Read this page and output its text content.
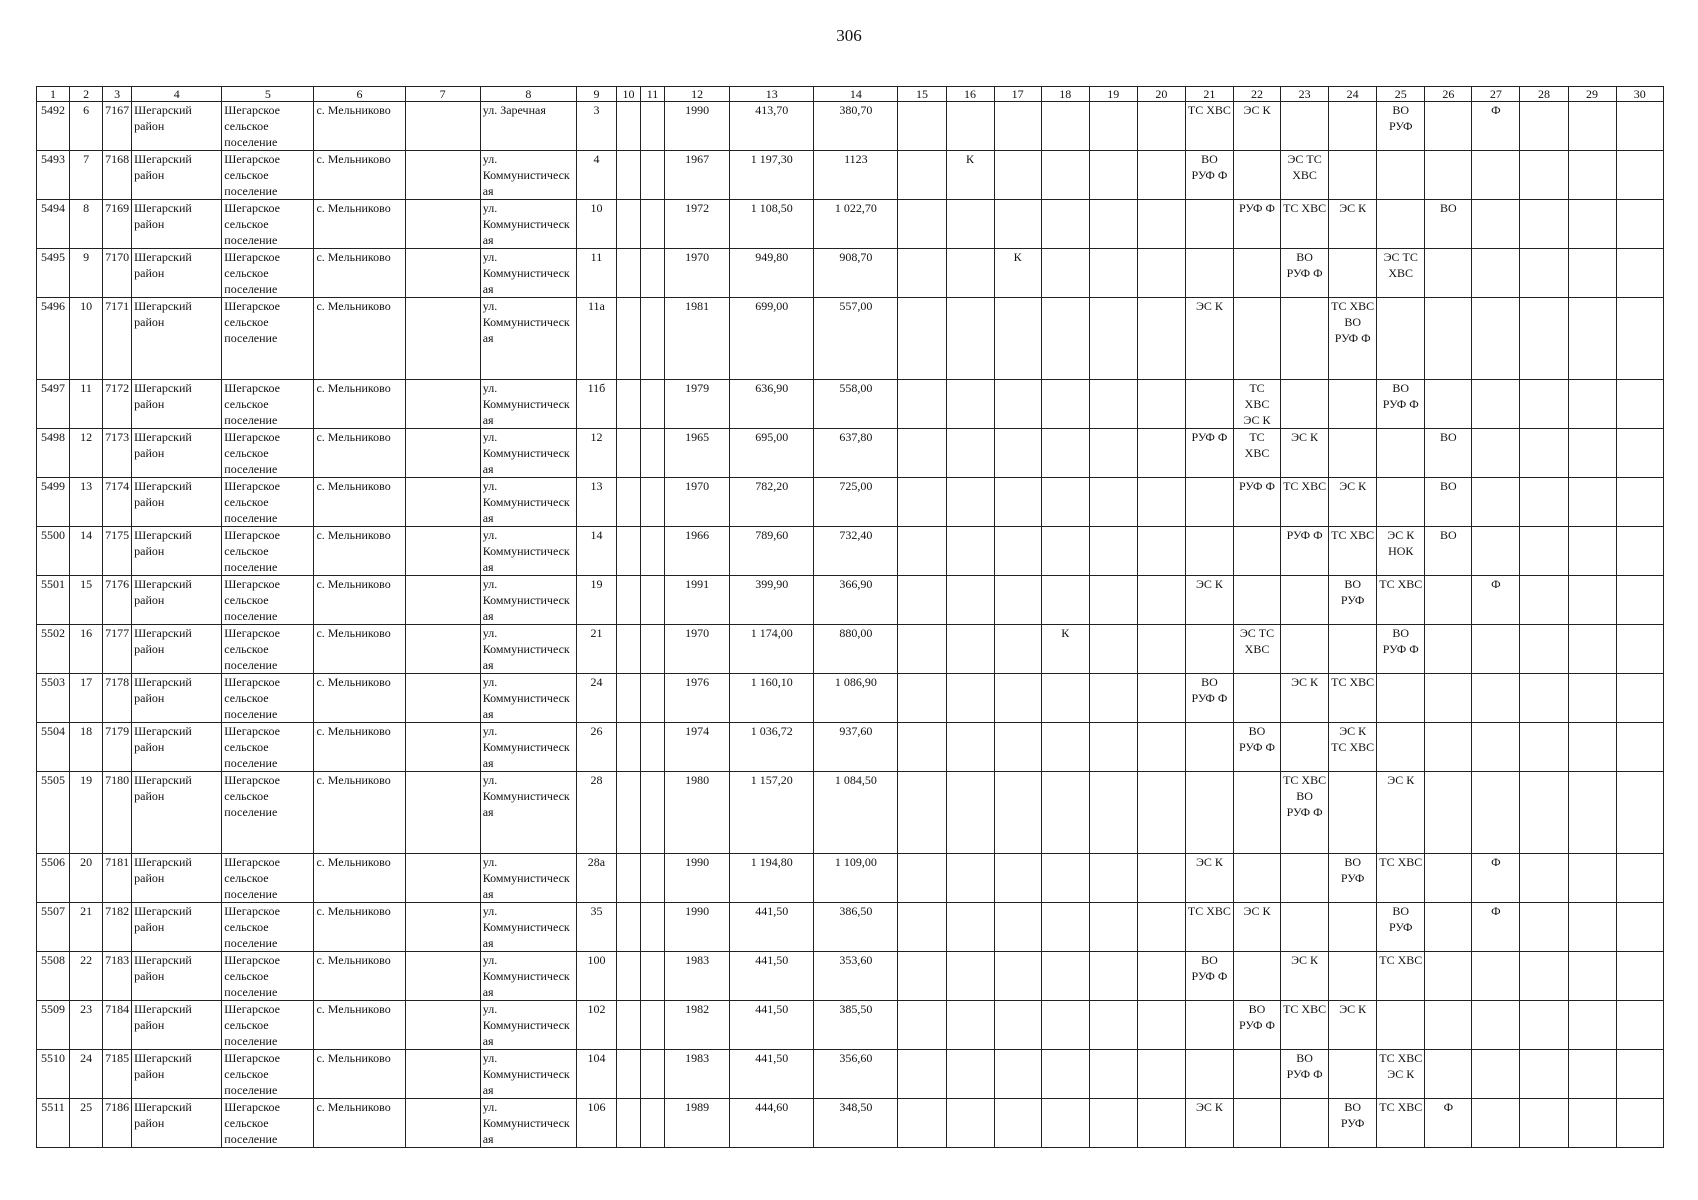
306
1	2	3	4	5	6	7	8	9	10	11	12	13	14	15	16	17	18	19	20	21	22	23	24	25	26	27	28	29	30
5492	6	7167	Шегарский район	Шегарское сельское поселение	с. Мельниково		ул. Заречная	3			1990	413,70	380,70							ТС ХВС	ЭС К			ВО РУФ		Ф			
5493	7	7168	Шегарский район	Шегарское сельское поселение	с. Мельниково		ул. Коммунистическая	4			1967	1 197,30	1123		К					ВО РУФ Ф		ЭС ТС ХВС							
5494	8	7169	Шегарский район	Шегарское сельское поселение	с. Мельниково		ул. Коммунистическая	10			1972	1 108,50	1 022,70								РУФ Ф	ТС ХВС	ЭС К		ВО				
5495	9	7170	Шегарский район	Шегарское сельское поселение	с. Мельниково		ул. Коммунистическая	11			1970	949,80	908,70			К						ВО РУФ Ф		ЭС ТС ХВС					
5496	10	7171	Шегарский район	Шегарское сельское поселение	с. Мельниково		ул. Коммунистическая	11а			1981	699,00	557,00							ЭС К			ТС ХВС ВО РУФ Ф						
5497	11	7172	Шегарский район	Шегарское сельское поселение	с. Мельниково		ул. Коммунистическая	11б			1979	636,90	558,00								ТС ХВС ЭС К			ВО РУФ Ф					
5498	12	7173	Шегарский район	Шегарское сельское поселение	с. Мельниково		ул. Коммунистическая	12			1965	695,00	637,80							РУФ Ф	ТС ХВС	ЭС К			ВО				
5499	13	7174	Шегарский район	Шегарское сельское поселение	с. Мельниково		ул. Коммунистическая	13			1970	782,20	725,00								РУФ Ф	ТС ХВС	ЭС К		ВО				
5500	14	7175	Шегарский район	Шегарское сельское поселение	с. Мельниково		ул. Коммунистическая	14			1966	789,60	732,40									РУФ Ф	ТС ХВС	ЭС К НОК	ВО				
5501	15	7176	Шегарский район	Шегарское сельское поселение	с. Мельниково		ул. Коммунистическая	19			1991	399,90	366,90							ЭС К			ВО РУФ	ТС ХВС		Ф			
5502	16	7177	Шегарский район	Шегарское сельское поселение	с. Мельниково		ул. Коммунистическая	21			1970	1 174,00	880,00				К				ЭС ТС ХВС			ВО РУФ Ф					
5503	17	7178	Шегарский район	Шегарское сельское поселение	с. Мельниково		ул. Коммунистическая	24			1976	1 160,10	1 086,90							ВО РУФ Ф		ЭС К	ТС ХВС						
5504	18	7179	Шегарский район	Шегарское сельское поселение	с. Мельниково		ул. Коммунистическая	26			1974	1 036,72	937,60								ВО РУФ Ф		ЭС К ТС ХВС						
5505	19	7180	Шегарский район	Шегарское сельское поселение	с. Мельниково		ул. Коммунистическая	28			1980	1 157,20	1 084,50									ТС ХВС ВО РУФ Ф		ЭС К					
5506	20	7181	Шегарский район	Шегарское сельское поселение	с. Мельниково		ул. Коммунистическая	28а			1990	1 194,80	1 109,00							ЭС К			ВО РУФ	ТС ХВС		Ф			
5507	21	7182	Шегарский район	Шегарское сельское поселение	с. Мельниково		ул. Коммунистическая	35			1990	441,50	386,50							ТС ХВС	ЭС К			ВО РУФ		Ф			
5508	22	7183	Шегарский район	Шегарское сельское поселение	с. Мельниково		ул. Коммунистическая	100			1983	441,50	353,60							ВО РУФ Ф		ЭС К		ТС ХВС					
5509	23	7184	Шегарский район	Шегарское сельское поселение	с. Мельниково		ул. Коммунистическая	102			1982	441,50	385,50								ВО РУФ Ф	ТС ХВС	ЭС К						
5510	24	7185	Шегарский район	Шегарское сельское поселение	с. Мельниково		ул. Коммунистическая	104			1983	441,50	356,60									ВО РУФ Ф		ТС ХВС ЭС К					
5511	25	7186	Шегарский район	Шегарское сельское поселение	с. Мельниково		ул. Коммунистическая	106			1989	444,60	348,50							ЭС К			ВО РУФ	ТС ХВС	Ф				
